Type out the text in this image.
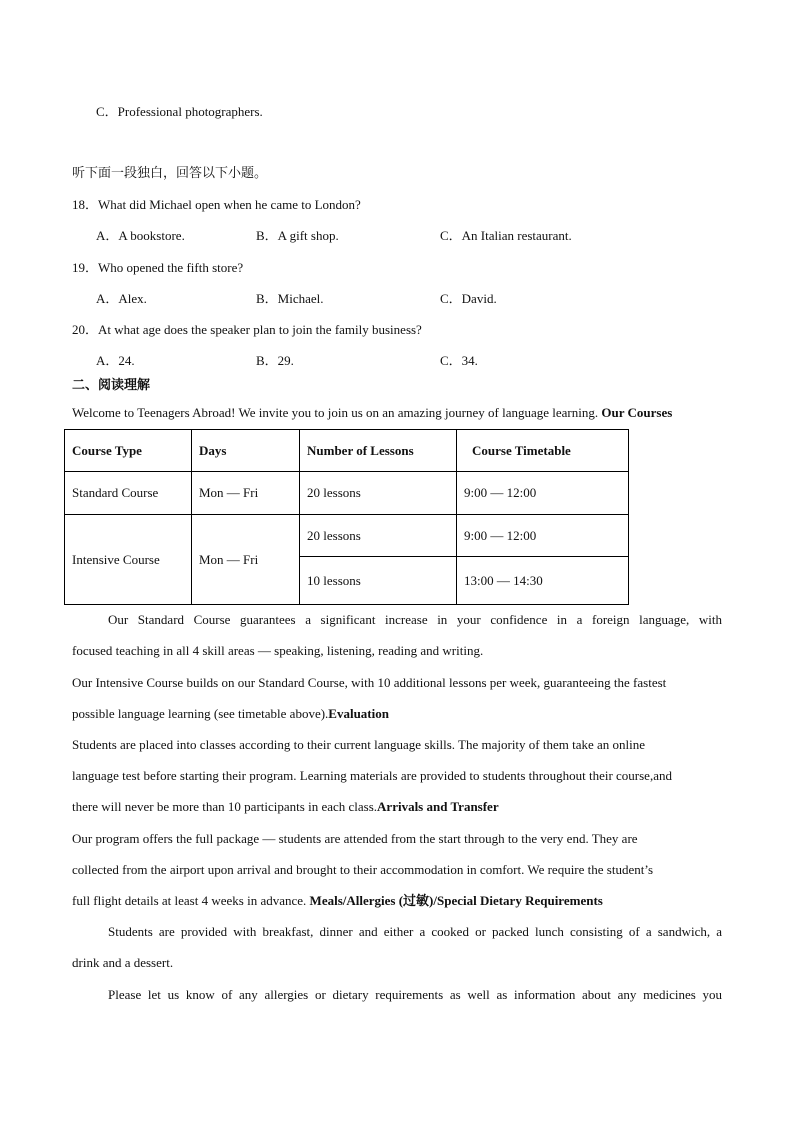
C．Professional photographers.
听下面一段独白，回答以下小题。
18．What did Michael open when he came to London?
A．A bookstore.	B．A gift shop.	C．An Italian restaurant.
19．Who opened the fifth store?
A．Alex.	B．Michael.	C．David.
20．At what age does the speaker plan to join the family business?
A．24.	B．29.	C．34.
二、阅读理解
Welcome to Teenagers Abroad! We invite you to join us on an amazing journey of language learning. Our Courses
Course Type	Days	Number of Lessons	Course Timetable
Standard Course	Mon — Fri	20 lessons	9:00 — 12:00
Intensive Course	Mon — Fri	20 lessons	9:00 — 12:00
		10 lessons	13:00 — 14:30
Our Standard Course guarantees a significant increase in your confidence in a foreign language, with
focused teaching in all 4 skill areas — speaking, listening, reading and writing.
Our Intensive Course builds on our Standard Course, with 10 additional lessons per week, guaranteeing the fastest
possible language learning (see timetable above).Evaluation
Students are placed into classes according to their current language skills. The majority of them take an online
language test before starting their program. Learning materials are provided to students throughout their course,and
there will never be more than 10 participants in each class.Arrivals and Transfer
Our program offers the full package — students are attended from the start through to the very end. They are
collected from the airport upon arrival and brought to their accommodation in comfort. We require the student’s
full flight details at least 4 weeks in advance. Meals/Allergies (过敏)/Special Dietary Requirements
Students are provided with breakfast, dinner and either a cooked or packed lunch consisting of a sandwich, a
drink and a dessert.
Please let us know of any allergies or dietary requirements as well as information about any medicines you
